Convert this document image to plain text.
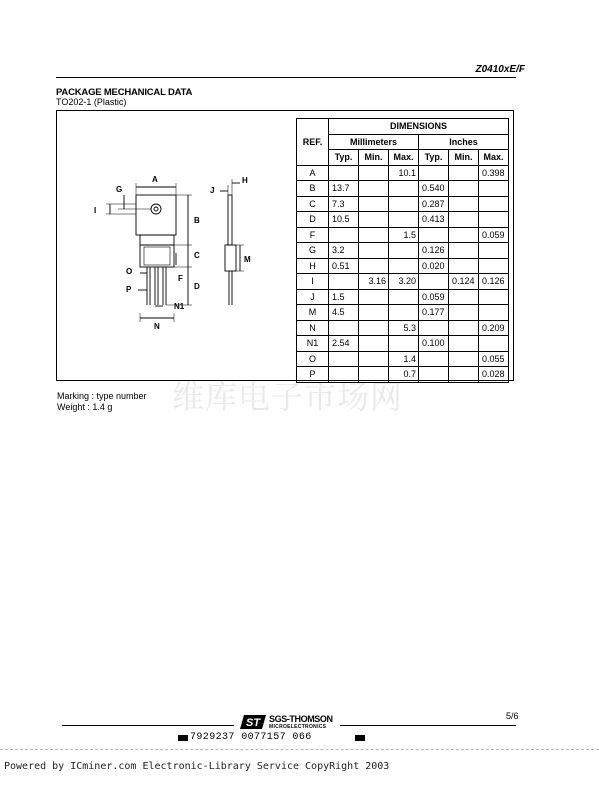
Z0410xE/F
PACKAGE MECHANICAL DATA
TO202-1 (Plastic)
维库电子市场网
A
G
I
B
C
F
D
O
P
N1
N
J
H
M
REF.	DIMENSIONS					
	Millimeters			Inches		
	Typ.	Min.	Max.	Typ.	Min.	Max.
A			10.1			0.398
B	13.7			0.540		
C	7.3			0.287		
D	10.5			0.413		
F			1.5			0.059
G	3.2			0.126		
H	0.51			0.020		
I		3.16	3.20		0.124	0.126
J	1.5			0.059		
M	4.5			0.177		
N			5.3			0.209
N1	2.54			0.100		
O			1.4			0.055
P			0.7			0.028
Marking : type number
Weight : 1.4 g
5/6
ST SGS-THOMSON
MICROELECTRONICS
7929237 0077157 066
Powered by ICminer.com Electronic-Library Service CopyRight 2003
